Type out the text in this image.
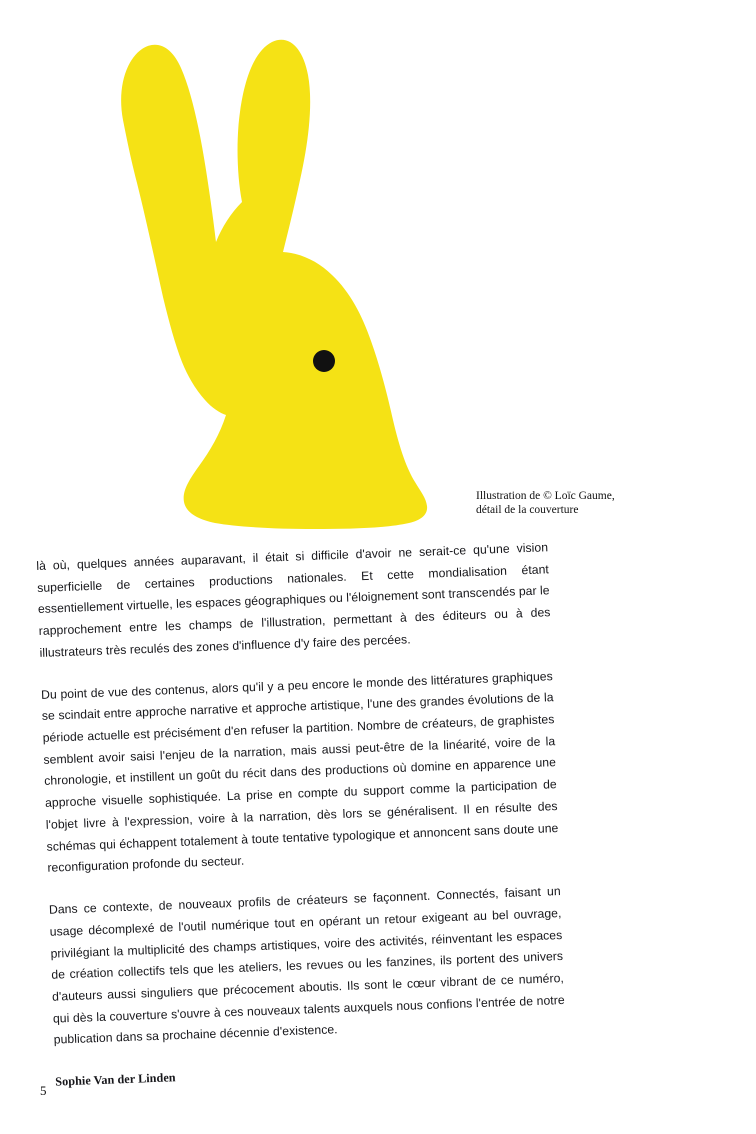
Illustration de © Loïc Gaume,
détail de la couverture

là où, quelques années auparavant, il était si difficile d'avoir ne serait-ce qu'une vision superficielle de certaines productions nationales. Et cette mondialisation étant essentiellement virtuelle, les espaces géographiques ou l'éloignement sont transcendés par le rapprochement entre les champs de l'illustration, permettant à des éditeurs ou à des illustrateurs très reculés des zones d'influence d'y faire des percées.

Du point de vue des contenus, alors qu'il y a peu encore le monde des littératures graphiques se scindait entre approche narrative et approche artistique, l'une des grandes évolutions de la période actuelle est précisément d'en refuser la partition. Nombre de créateurs, de graphistes semblent avoir saisi l'enjeu de la narration, mais aussi peut-être de la linéarité, voire de la chronologie, et instillent un goût du récit dans des productions où domine en apparence une approche visuelle sophistiquée. La prise en compte du support comme la participation de l'objet livre à l'expression, voire à la narration, dès lors se généralisent. Il en résulte des schémas qui échappent totalement à toute tentative typologique et annoncent sans doute une reconfiguration profonde du secteur.

Dans ce contexte, de nouveaux profils de créateurs se façonnent. Connectés, faisant un usage décomplexé de l'outil numérique tout en opérant un retour exigeant au bel ouvrage, privilégiant la multiplicité des champs artistiques, voire des activités, réinventant les espaces de création collectifs tels que les ateliers, les revues ou les fanzines, ils portent des univers d'auteurs aussi singuliers que précocement aboutis. Ils sont le cœur vibrant de ce numéro, qui dès la couverture s'ouvre à ces nouveaux talents auxquels nous confions l'entrée de notre publication dans sa prochaine décennie d'existence.

Sophie Van der Linden

5
